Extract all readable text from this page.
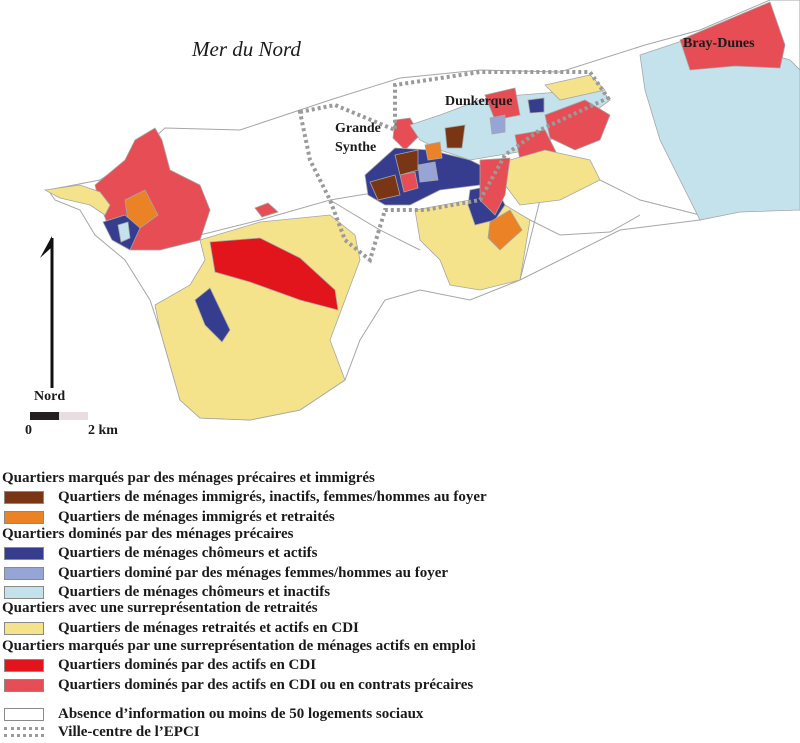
Mer du Nord
Grande
Synthe
Dunkerque
Bray-Dunes
Nord
0	2 km
Quartiers marqués par des ménages précaires et immigrés
Quartiers de ménages immigrés, inactifs, femmes/hommes au foyer
Quartiers de ménages immigrés et retraités
Quartiers dominés par des ménages précaires
Quartiers de ménages chômeurs et actifs
Quartiers dominé par des ménages femmes/hommes au foyer
Quartiers de ménages chômeurs et inactifs
Quartiers avec une surreprésentation de retraités
Quartiers de ménages retraités et actifs en CDI
Quartiers marqués par une surreprésentation de ménages actifs en emploi
Quartiers dominés par des actifs en CDI
Quartiers dominés par des actifs en CDI ou en contrats précaires
Absence d’information ou moins de 50 logements sociaux
Ville-centre de l’EPCI
